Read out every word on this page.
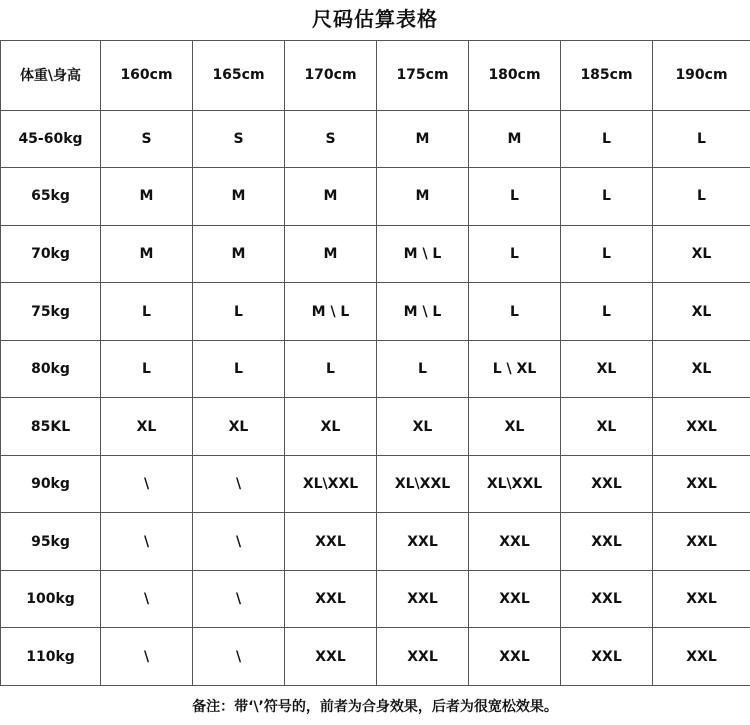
尺码估算表格
体重\身高	160cm	165cm	170cm	175cm	180cm	185cm	190cm
45-60kg	S	S	S	M	M	L	L
65kg	M	M	M	M	L	L	L
70kg	M	M	M	M \ L	L	L	XL
75kg	L	L	M \ L	M \ L	L	L	XL
80kg	L	L	L	L	L \ XL	XL	XL
85KL	XL	XL	XL	XL	XL	XL	XXL
90kg	\	\	XL\XXL	XL\XXL	XL\XXL	XXL	XXL
95kg	\	\	XXL	XXL	XXL	XXL	XXL
100kg	\	\	XXL	XXL	XXL	XXL	XXL
110kg	\	\	XXL	XXL	XXL	XXL	XXL
备注：带‘\’符号的，前者为合身效果，后者为很宽松效果。
